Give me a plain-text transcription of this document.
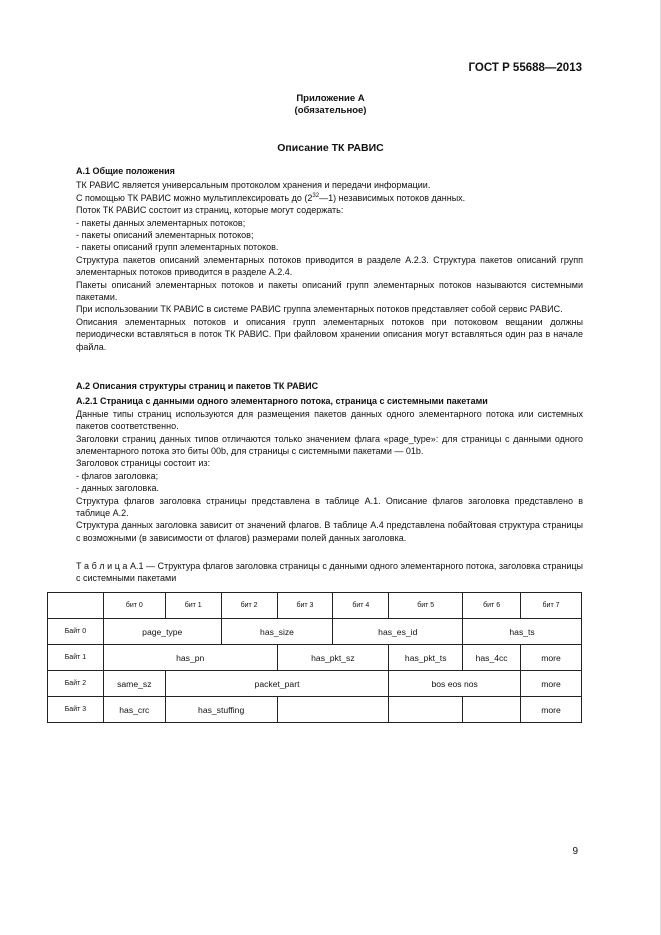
ГОСТ Р 55688—2013
Приложение А
(обязательное)
Описание ТК РАВИС

А.1 Общие положения

ТК РАВИС является универсальным протоколом хранения и передачи информации.

С помощью ТК РАВИС можно мультиплексировать до $(2^{32}—1)$ независимых потоков данных.

Поток ТК РАВИС состоит из страниц, которые могут содержать:

- пакеты данных элементарных потоков;

- пакеты описаний элементарных потоков;

- пакеты описаний групп элементарных потоков.

Структура пакетов описаний элементарных потоков приводится в разделе А.2.3. Структура пакетов описаний групп элементарных потоков приводится в разделе А.2.4.

Пакеты описаний элементарных потоков и пакеты описаний групп элементарных потоков называются системными пакетами.

При использовании ТК РАВИС в системе РАВИС группа элементарных потоков представляет собой сервис РАВИС.

Описания элементарных потоков и описания групп элементарных потоков при потоковом вещании должны периодически вставляться в поток ТК РАВИС. При файловом хранении описания могут вставляться один раз в начале файла.

А.2 Описания структуры страниц и пакетов ТК РАВИС

А.2.1 Страница с данными одного элементарного потока, страница с системными пакетами

Данные типы страниц используются для размещения пакетов данных одного элементарного потока или системных пакетов соответственно.

Заголовки страниц данных типов отличаются только значением флага «page_type»: для страницы с данными одного элементарного потока это биты 00b, для страницы с системными пакетами — 01b.

Заголовок страницы состоит из:

- флагов заголовка;

- данных заголовка.

Структура флагов заголовка страницы представлена в таблице А.1. Описание флагов заголовка представлено в таблице А.2.

Структура данных заголовка зависит от значений флагов. В таблице А.4 представлена побайтовая структура страницы с возможными (в зависимости от флагов) размерами полей данных заголовка.

Т а б л и ц а А.1 — Структура флагов заголовка страницы с данными одного элементарного потока, заголовка страницы с системными пакетами
	бит 0	бит 1	бит 2	бит 3	бит 4	бит 5	бит 6	бит 7
Байт 0	page_type		has_size		has_es_id		has_ts	
Байт 1	has_pn			has_pkt_sz		has_pkt_ts	has_4cc	more
Байт 2	same_sz	packet_part				bos eos nos		more
Байт 3	has_crc	has_stuffing						more
9
